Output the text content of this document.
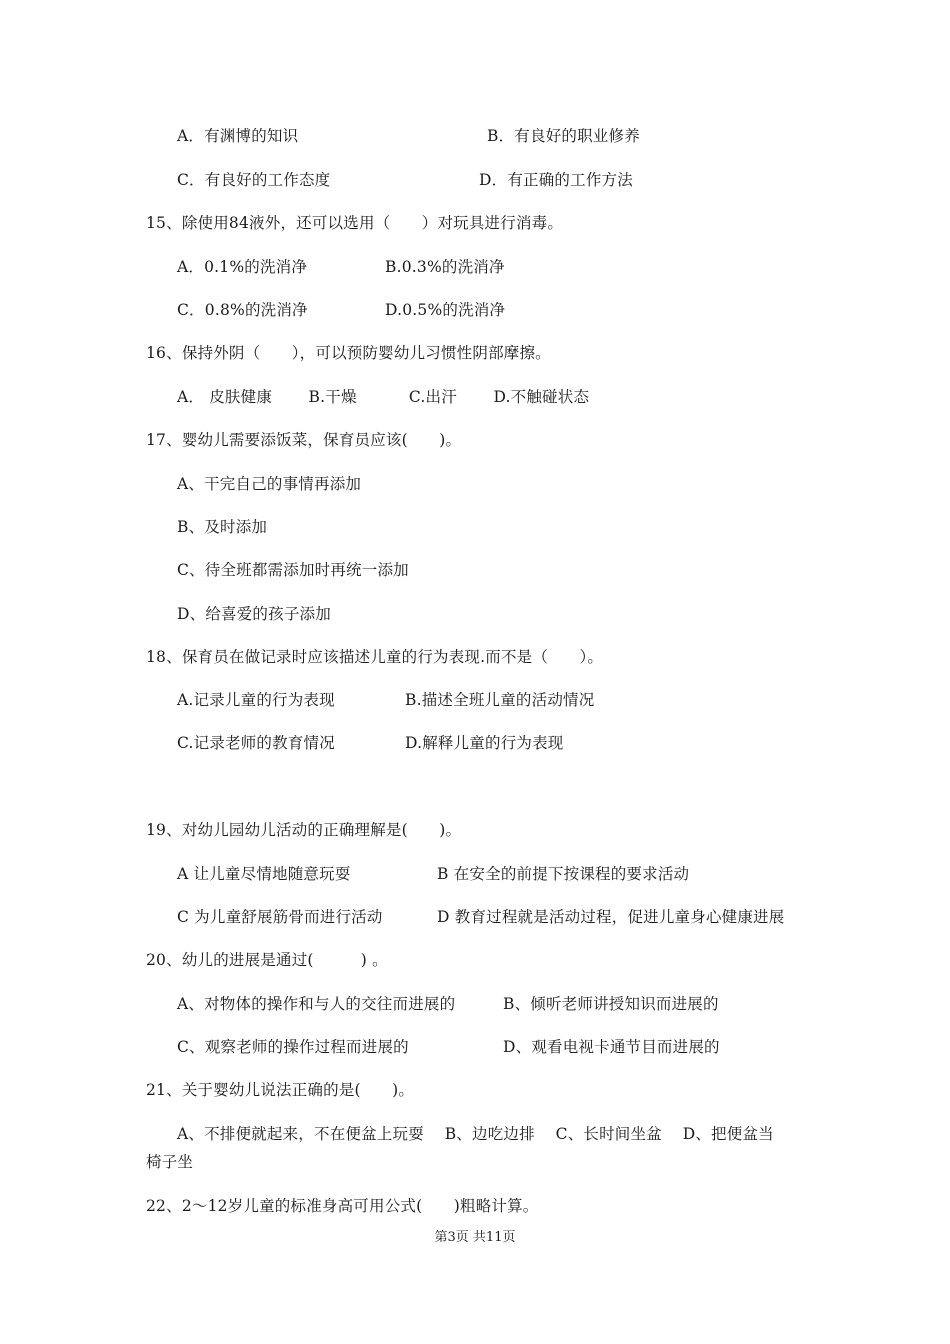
A．有渊博的知识	B．有良好的职业修养
C．有良好的工作态度	D．有正确的工作方法
15、除使用84液外，还可以选用（　　）对玩具进行消毒。
A．0.1%的洗消净	B.0.3%的洗消净
C．0.8%的洗消净	D.0.5%的洗消净
16、保持外阴（　　），可以预防婴幼儿习惯性阴部摩擦。
A． 皮肤健康　　 B.干燥　　　 C.出汗　　 D.不触碰状态
17、婴幼儿需要添饭菜，保育员应该(　　)。
A、干完自己的事情再添加
B、及时添加
C、待全班都需添加时再统一添加
D、给喜爱的孩子添加
18、保育员在做记录时应该描述儿童的行为表现.而不是（　　）。
A.记录儿童的行为表现	B.描述全班儿童的活动情况
C.记录老师的教育情况	D.解释儿童的行为表现
19、对幼儿园幼儿活动的正确理解是(　　)。
A 让儿童尽情地随意玩耍	B 在安全的前提下按课程的要求活动
C 为儿童舒展筋骨而进行活动	D 教育过程就是活动过程，促进儿童身心健康进展
20、幼儿的进展是通过(　　　) 。
A、对物体的操作和与人的交往而进展的	B、倾听老师讲授知识而进展的
C、观察老师的操作过程而进展的	D、观看电视卡通节目而进展的
21、关于婴幼儿说法正确的是(　　)。
A、不排便就起来，不在便盆上玩耍　 B、边吃边排　 C、长时间坐盆　 D、把便盆当
椅子坐
22、2～12岁儿童的标准身高可用公式(　　)粗略计算。
第3页 共11页
